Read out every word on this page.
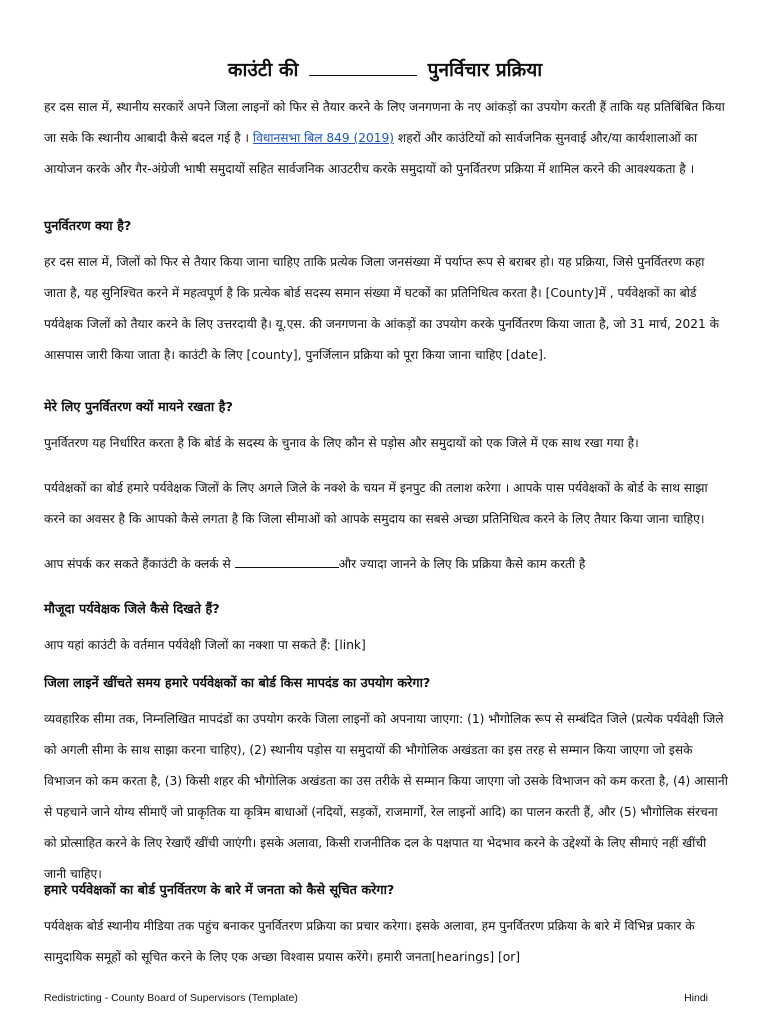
काउंटी की	पुनर्विचार प्रक्रिया

हर दस साल में, स्थानीय सरकारें अपने जिला लाइनों को फिर से तैयार करने के लिए जनगणना के नए आंकड़ों का उपयोग करती हैं ताकि यह प्रतिबिंबित किया जा सके कि स्थानीय आबादी कैसे बदल गई है । विधानसभा बिल 849 (2019) शहरों और काउंटियों को सार्वजनिक सुनवाई और/या कार्यशालाओं का आयोजन करके और गैर-अंग्रेजी भाषी समुदायों सहित सार्वजनिक आउटरीच करके समुदायों को पुनर्वितरण प्रक्रिया में शामिल करने की आवश्यकता है ।

पुनर्वितरण क्या है?

हर दस साल में, जिलों को फिर से तैयार किया जाना चाहिए ताकि प्रत्येक जिला जनसंख्या में पर्याप्त रूप से बराबर हो। यह प्रक्रिया, जिसे पुनर्वितरण कहा जाता है, यह सुनिश्चित करने में महत्वपूर्ण है कि प्रत्येक बोर्ड सदस्य समान संख्या में घटकों का प्रतिनिधित्व करता है। [County]में , पर्यवेक्षकों का बोर्ड पर्यवेक्षक जिलों को तैयार करने के लिए उत्तरदायी है। यू.एस. की जनगणना के आंकड़ों का उपयोग करके पुनर्वितरण किया जाता है, जो 31 मार्च, 2021 के आसपास जारी किया जाता है। काउंटी के लिए [county], पुनर्जिलान प्रक्रिया को पूरा किया जाना चाहिए [date].

मेरे लिए पुनर्वितरण क्यों मायने रखता है?

पुनर्वितरण यह निर्धारित करता है कि बोर्ड के सदस्य के चुनाव के लिए कौन से पड़ोस और समुदायों को एक जिले में एक साथ रखा गया है।

पर्यवेक्षकों का बोर्ड हमारे पर्यवेक्षक जिलों के लिए अगले जिले के नक्शे के चयन में इनपुट की तलाश करेगा । आपके पास पर्यवेक्षकों के बोर्ड के साथ साझा करने का अवसर है कि आपको कैसे लगता है कि जिला सीमाओं को आपके समुदाय का सबसे अच्छा प्रतिनिधित्व करने के लिए तैयार किया जाना चाहिए।

आप संपर्क कर सकते हैंकाउंटी के क्लर्क से	और ज्यादा जानने के लिए कि प्रक्रिया कैसे काम करती है

मौजूदा पर्यवेक्षक जिले कैसे दिखते हैं?

आप यहां काउंटी के वर्तमान पर्यवेक्षी जिलों का नक्शा पा सकते हैं: [link]

जिला लाइनें खींचते समय हमारे पर्यवेक्षकों का बोर्ड किस मापदंड का उपयोग करेगा?

व्यवहारिक सीमा तक, निम्नलिखित मापदंडों का उपयोग करके जिला लाइनों को अपनाया जाएगा: (1) भौगोलिक रूप से सम्बंदित जिले (प्रत्येक पर्यवेक्षी जिले को अगली सीमा के साथ साझा करना चाहिए), (2) स्थानीय पड़ोस या समुदायों की भौगोलिक अखंडता का इस तरह से सम्मान किया जाएगा जो इसके विभाजन को कम करता है, (3) किसी शहर की भौगोलिक अखंडता का उस तरीके से सम्मान किया जाएगा जो उसके विभाजन को कम करता है, (4) आसानी से पहचाने जाने योग्य सीमाएँ जो प्राकृतिक या कृत्रिम बाधाओं (नदियों, सड़कों, राजमार्गों, रेल लाइनों आदि) का पालन करती हैं, और (5) भौगोलिक संरचना को प्रोत्साहित करने के लिए रेखाएँ खींची जाएंगी। इसके अलावा, किसी राजनीतिक दल के पक्षपात या भेदभाव करने के उद्देश्यों के लिए सीमाएं नहीं खींची जानी चाहिए।

हमारे पर्यवेक्षकों का बोर्ड पुनर्वितरण के बारे में जनता को कैसे सूचित करेगा?

पर्यवेक्षक बोर्ड स्थानीय मीडिया तक पहुंच बनाकर पुनर्वितरण प्रक्रिया का प्रचार करेगा। इसके अलावा, हम पुनर्वितरण प्रक्रिया के बारे में विभिन्न प्रकार के सामुदायिक समूहों को सूचित करने के लिए एक अच्छा विश्वास प्रयास करेंगे। हमारी जनता[hearings] [or]

Redistricting - County Board of Supervisors (Template)	Hindi
